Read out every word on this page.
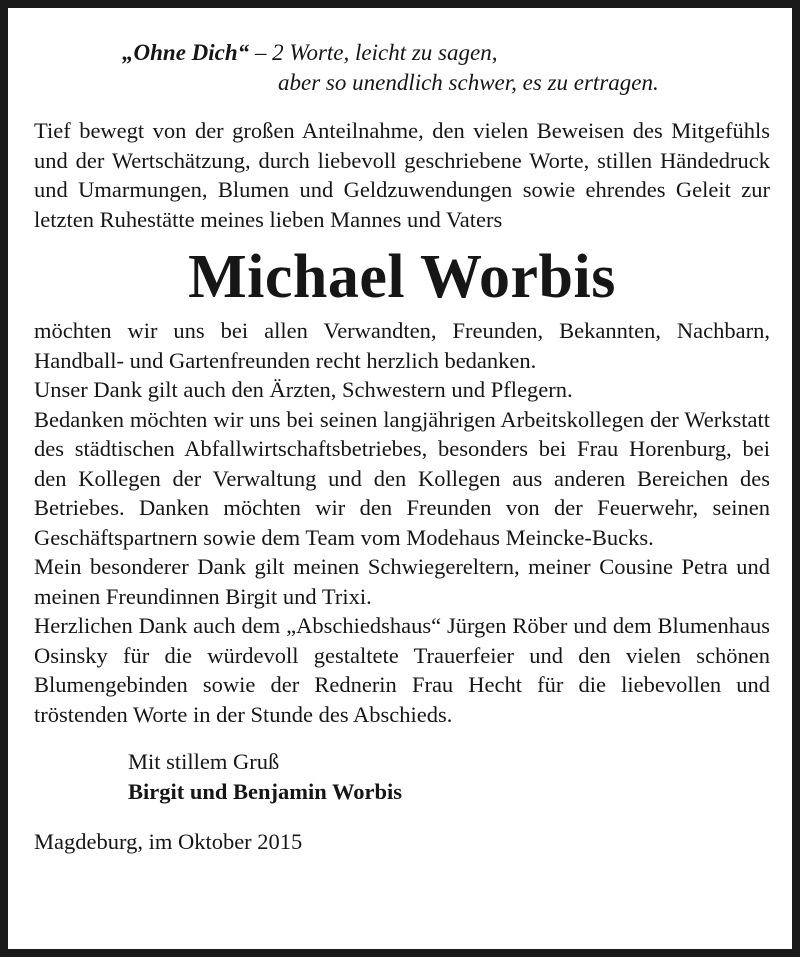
„Ohne Dich“ – 2 Worte, leicht zu sagen,

aber so unendlich schwer, es zu ertragen.

Tief bewegt von der großen Anteilnahme, den vielen Beweisen des Mitgefühls und der Wertschätzung, durch liebevoll geschriebene Worte, stillen Händedruck und Umarmungen, Blumen und Geldzuwendungen sowie ehrendes Geleit zur letzten Ruhestätte meines lieben Mannes und Vaters

Michael Worbis

möchten wir uns bei allen Verwandten, Freunden, Bekannten, Nachbarn, Handball- und Gartenfreunden recht herzlich bedanken.

Unser Dank gilt auch den Ärzten, Schwestern und Pflegern.

Bedanken möchten wir uns bei seinen langjährigen Arbeitskollegen der Werkstatt des städtischen Abfallwirtschaftsbetriebes, besonders bei Frau Horenburg, bei den Kollegen der Verwaltung und den Kollegen aus anderen Bereichen des Betriebes. Danken möchten wir den Freunden von der Feuerwehr, seinen Geschäftspartnern sowie dem Team vom Modehaus Meincke-Bucks.

Mein besonderer Dank gilt meinen Schwiegereltern, meiner Cousine Petra und meinen Freundinnen Birgit und Trixi.

Herzlichen Dank auch dem „Abschiedshaus“ Jürgen Röber und dem Blumenhaus Osinsky für die würdevoll gestaltete Trauerfeier und den vielen schönen Blumengebinden sowie der Rednerin Frau Hecht für die liebevollen und tröstenden Worte in der Stunde des Abschieds.

Mit stillem Gruß
Birgit und Benjamin Worbis
Magdeburg, im Oktober 2015
